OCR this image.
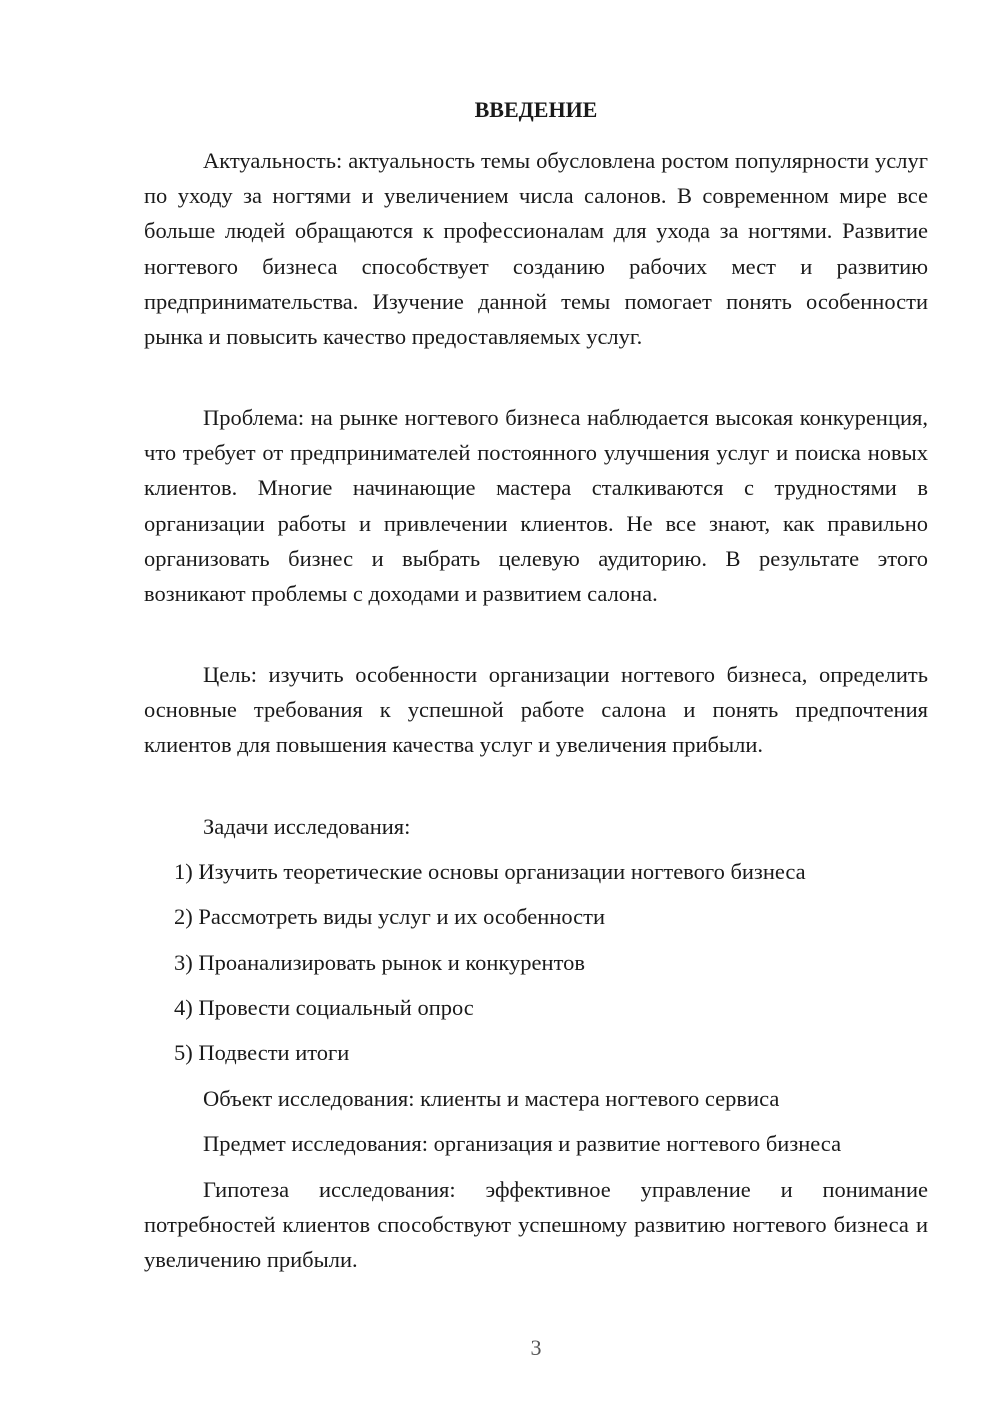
ВВЕДЕНИЕ

Актуальность: актуальность темы обусловлена ростом популярности услуг по уходу за ногтями и увеличением числа салонов. В современном мире все больше людей обращаются к профессионалам для ухода за ногтями. Развитие ногтевого бизнеса способствует созданию рабочих мест и развитию предпринимательства. Изучение данной темы помогает понять особенности рынка и повысить качество предоставляемых услуг.

Проблема: на рынке ногтевого бизнеса наблюдается высокая конкуренция, что требует от предпринимателей постоянного улучшения услуг и поиска новых клиентов. Многие начинающие мастера сталкиваются с трудностями в организации работы и привлечении клиентов. Не все знают, как правильно организовать бизнес и выбрать целевую аудиторию. В результате этого возникают проблемы с доходами и развитием салона.

Цель: изучить особенности организации ногтевого бизнеса, определить основные требования к успешной работе салона и понять предпочтения клиентов для повышения качества услуг и увеличения прибыли.

Задачи исследования:

1) Изучить теоретические основы организации ногтевого бизнеса

2) Рассмотреть виды услуг и их особенности

3) Проанализировать рынок и конкурентов

4) Провести социальный опрос

5) Подвести итоги

Объект исследования: клиенты и мастера ногтевого сервиса

Предмет исследования: организация и развитие ногтевого бизнеса

Гипотеза исследования: эффективное управление и понимание потребностей клиентов способствуют успешному развитию ногтевого бизнеса и увеличению прибыли.

3
